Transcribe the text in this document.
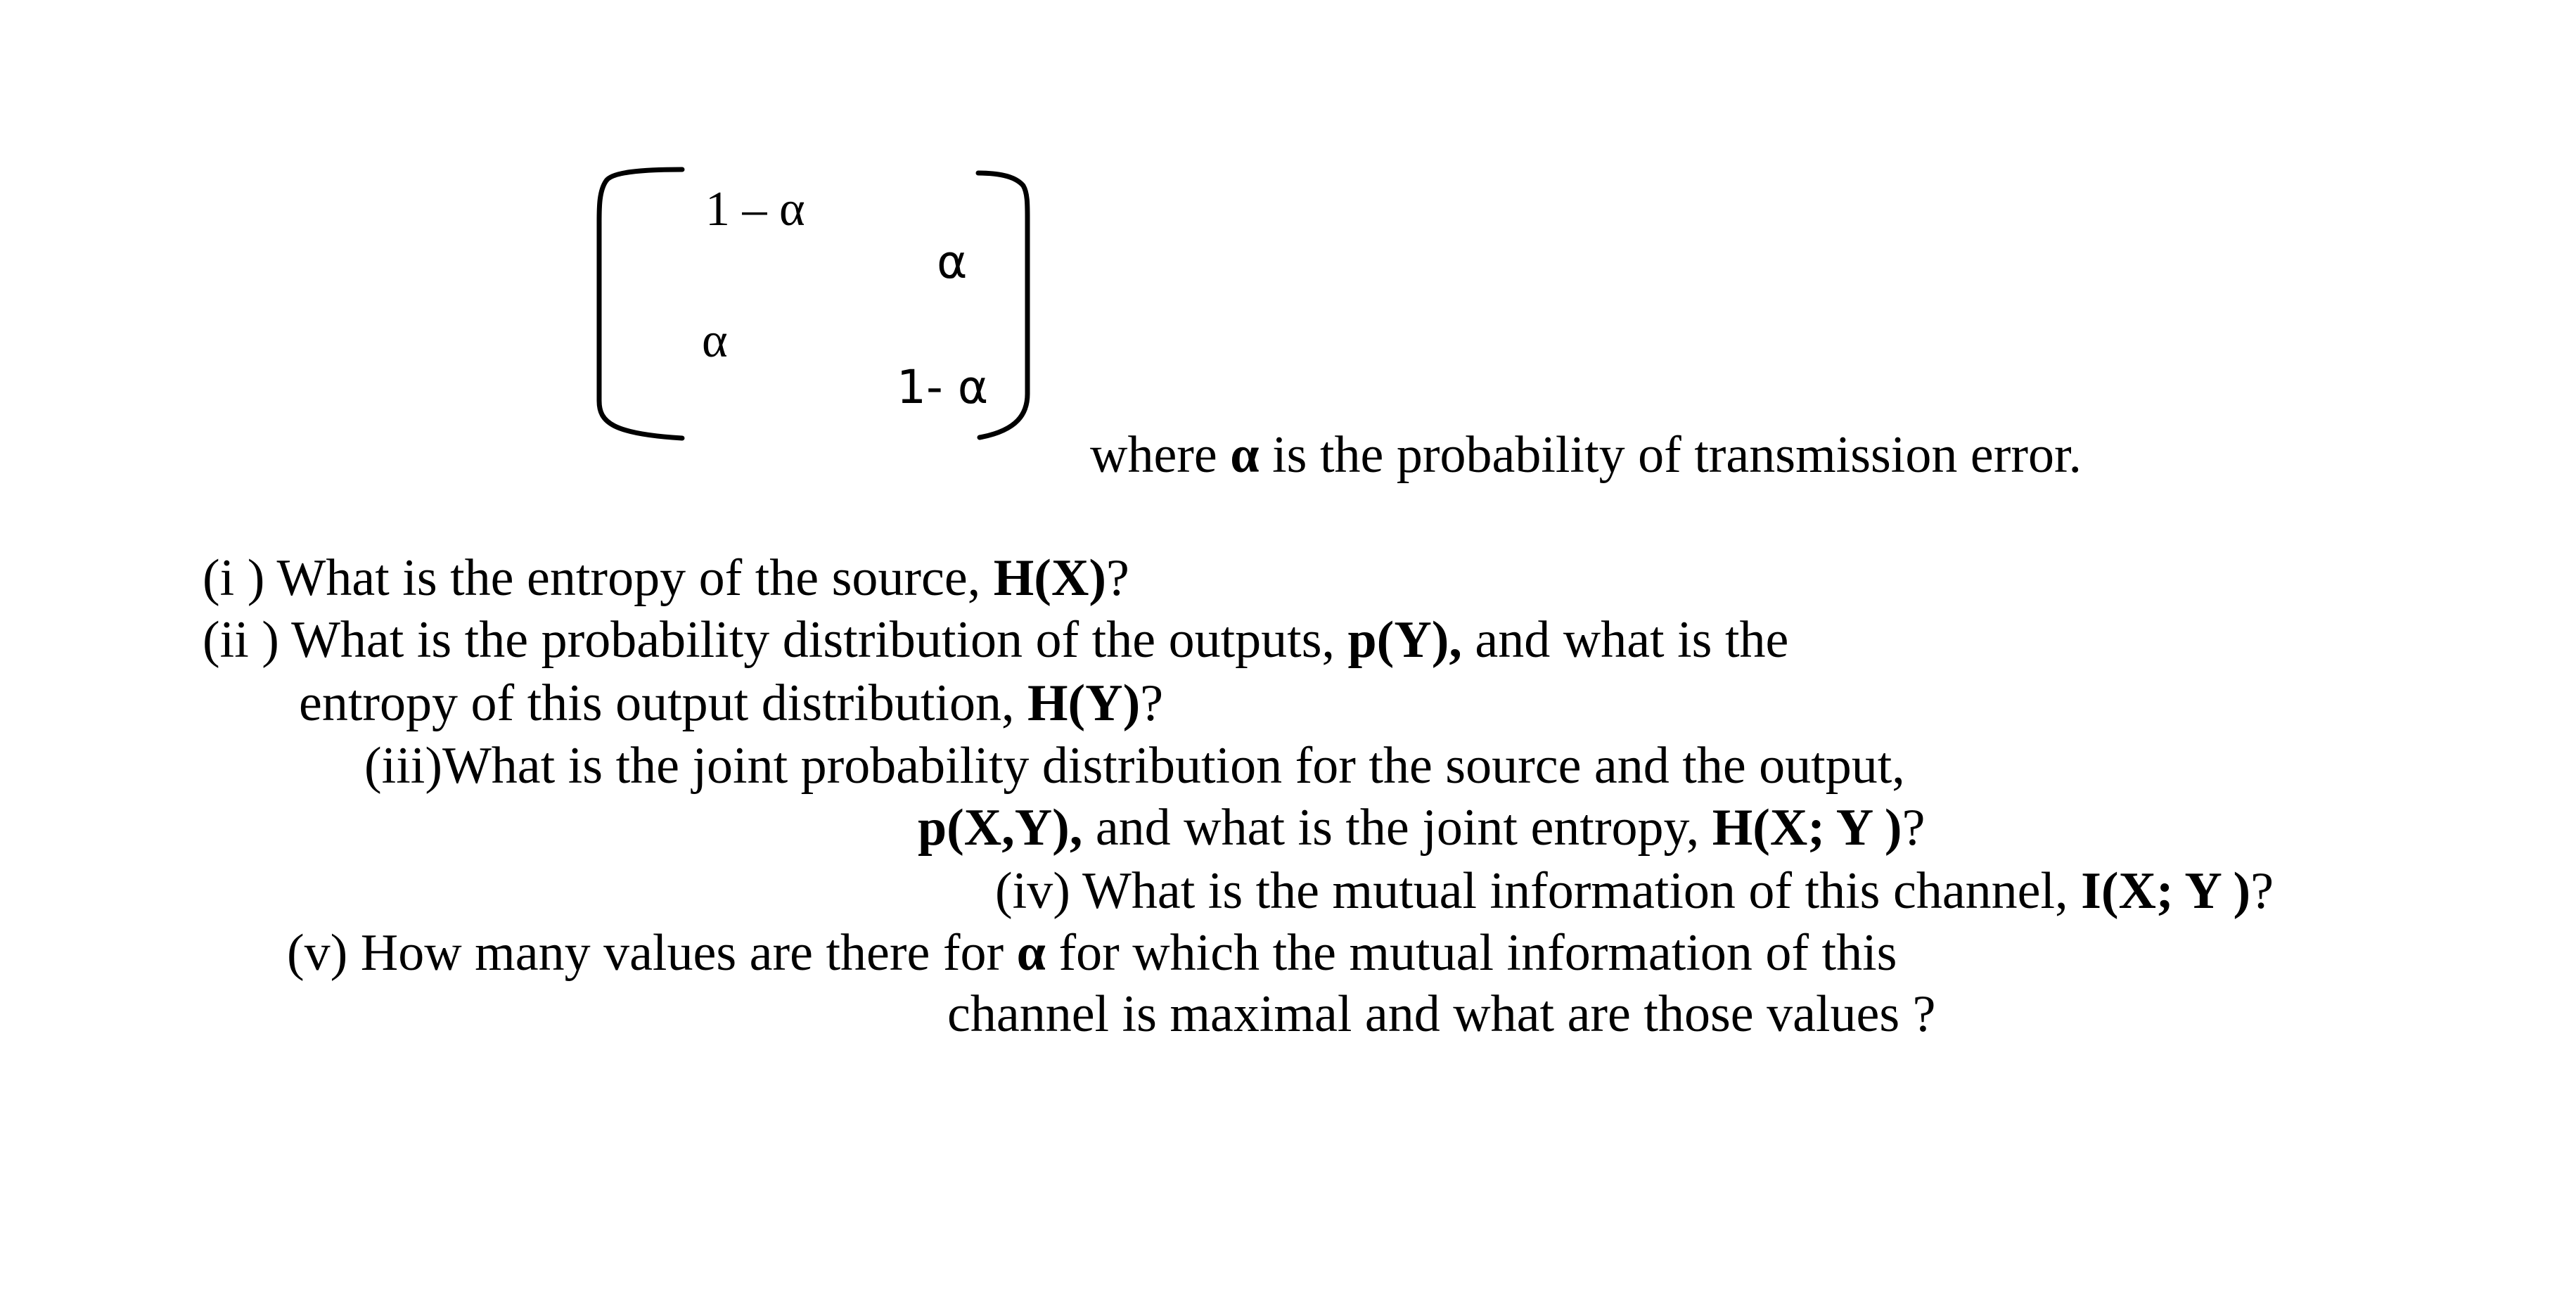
1 – α
α
α
1- α
where α is the probability of transmission error.
(i ) What is the entropy of the source, H(X)?
(ii ) What is the probability distribution of the outputs, p(Y), and what is the
entropy of this output distribution, H(Y)?
(iii)What is the joint probability distribution for the source and the output,
p(X,Y), and what is the joint entropy, H(X; Y )?
(iv) What is the mutual information of this channel, I(X; Y )?
(v) How many values are there for α for which the mutual information of this
channel is maximal and what are those values ?
